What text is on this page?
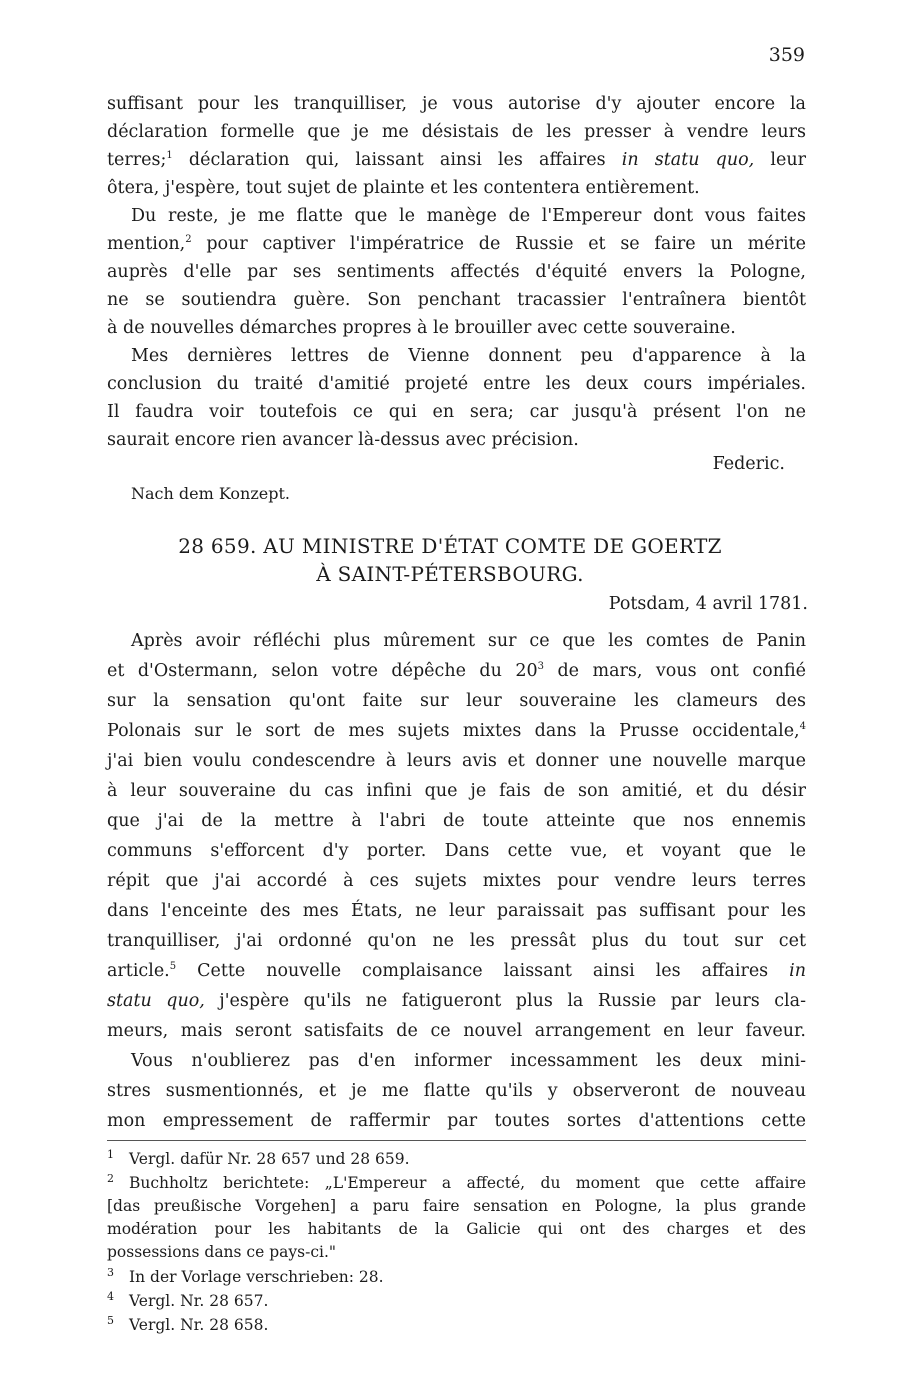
359
suffisant pour les tranquilliser, je vous autorise d'y ajouter encore la
déclaration formelle que je me désistais de les presser à vendre leurs
terres;$^1$ déclaration qui, laissant ainsi les affaires in statu quo, leur
ôtera, j'espère, tout sujet de plainte et les contentera entièrement.
Du reste, je me flatte que le manège de l'Empereur dont vous faites
mention,$^2$ pour captiver l'impératrice de Russie et se faire un mérite
auprès d'elle par ses sentiments affectés d'équité envers la Pologne,
ne se soutiendra guère. Son penchant tracassier l'entraînera bientôt
à de nouvelles démarches propres à le brouiller avec cette souveraine.
Mes dernières lettres de Vienne donnent peu d'apparence à la
conclusion du traité d'amitié projeté entre les deux cours impériales.
Il faudra voir toutefois ce qui en sera; car jusqu'à présent l'on ne
saurait encore rien avancer là-dessus avec précision.
Federic.
Nach dem Konzept.
28 659. AU MINISTRE D'ÉTAT COMTE DE GOERTZ
À SAINT-PÉTERSBOURG.
Potsdam, 4 avril 1781.
Après avoir réfléchi plus mûrement sur ce que les comtes de Panin
et d'Ostermann, selon votre dépêche du $20^3$ de mars, vous ont confié
sur la sensation qu'ont faite sur leur souveraine les clameurs des
Polonais sur le sort de mes sujets mixtes dans la Prusse occidentale,$^4$
j'ai bien voulu condescendre à leurs avis et donner une nouvelle marque
à leur souveraine du cas infini que je fais de son amitié, et du désir
que j'ai de la mettre à l'abri de toute atteinte que nos ennemis
communs s'efforcent d'y porter. Dans cette vue, et voyant que le
répit que j'ai accordé à ces sujets mixtes pour vendre leurs terres
dans l'enceinte des mes États, ne leur paraissait pas suffisant pour les
tranquilliser, j'ai ordonné qu'on ne les pressât plus du tout sur cet
article.$^5$ Cette nouvelle complaisance laissant ainsi les affaires in
statu quo, j'espère qu'ils ne fatigueront plus la Russie par leurs cla-
meurs, mais seront satisfaits de ce nouvel arrangement en leur faveur.
Vous n'oublierez pas d'en informer incessamment les deux mini-
stres susmentionnés, et je me flatte qu'ils y observeront de nouveau
mon empressement de raffermir par toutes sortes d'attentions cette
1 Vergl. dafür Nr. 28 657 und 28 659.
2 Buchholtz berichtete: „L'Empereur a affecté, du moment que cette affaire
[das preußische Vorgehen] a paru faire sensation en Pologne, la plus grande
modération pour les habitants de la Galicie qui ont des charges et des
possessions dans ce pays-ci."
3 In der Vorlage verschrieben: 28.
4 Vergl. Nr. 28 657.
5 Vergl. Nr. 28 658.
